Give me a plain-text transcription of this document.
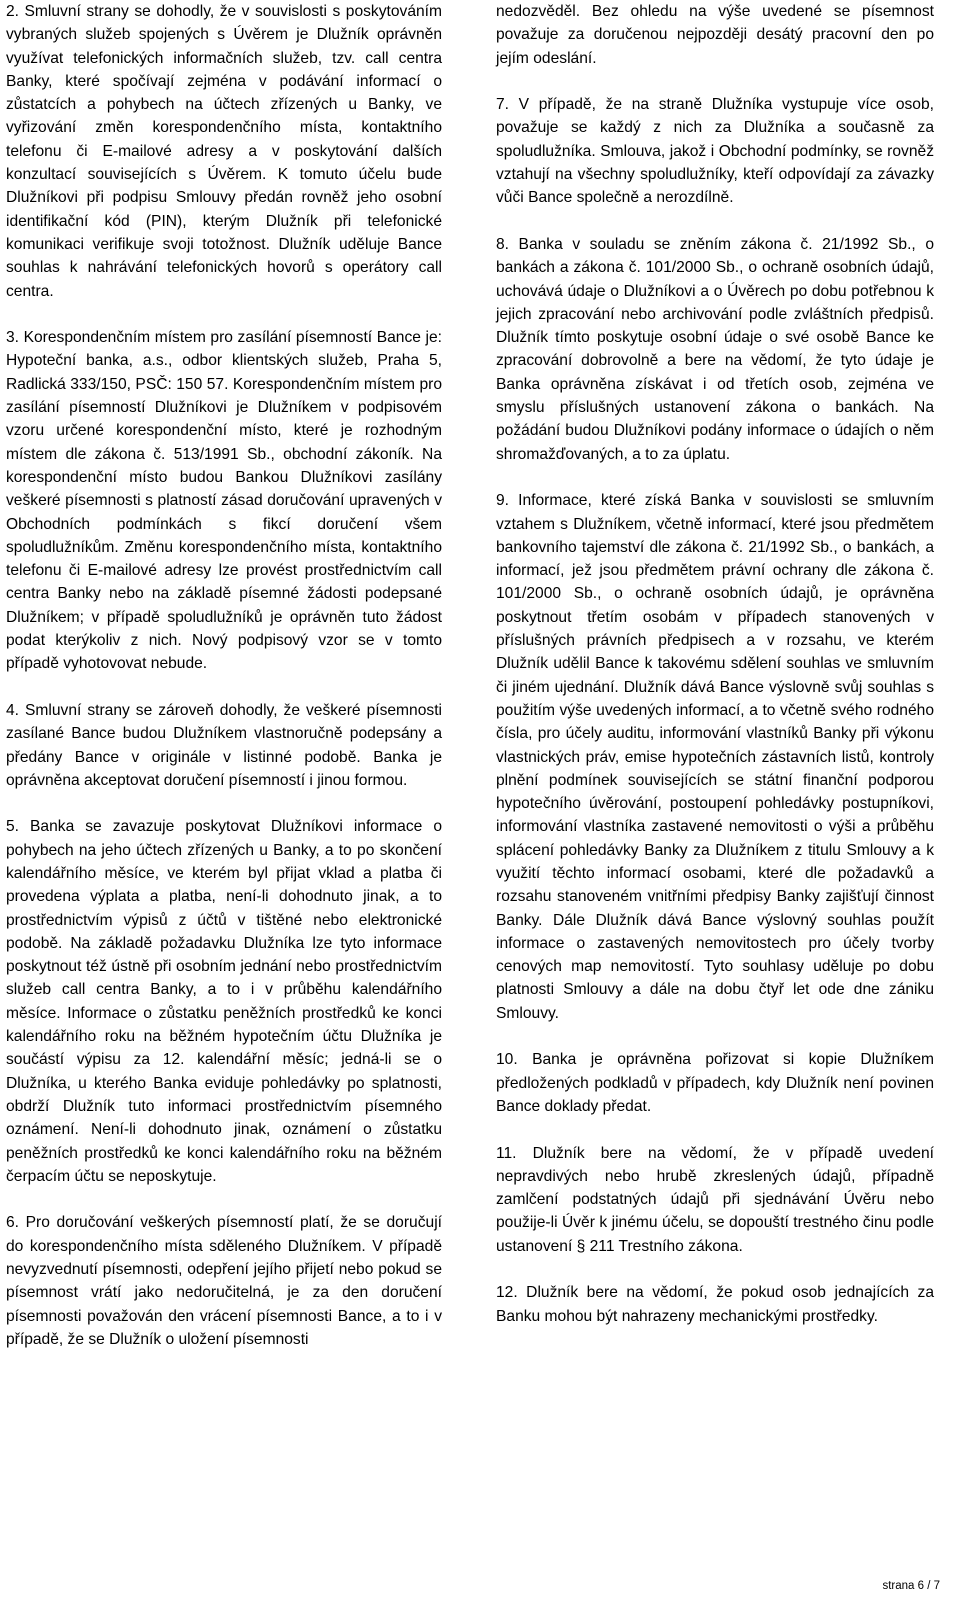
2. Smluvní strany se dohodly, že v souvislosti s poskytováním vybraných služeb spojených s Úvěrem je Dlužník oprávněn využívat telefonických informačních služeb, tzv. call centra Banky, které spočívají zejména v podávání informací o zůstatcích a pohybech na účtech zřízených u Banky, ve vyřizování změn korespondenčního místa, kontaktního telefonu či E-mailové adresy a v poskytování dalších konzultací souvisejících s Úvěrem. K tomuto účelu bude Dlužníkovi při podpisu Smlouvy předán rovněž jeho osobní identifikační kód (PIN), kterým Dlužník při telefonické komunikaci verifikuje svoji totožnost. Dlužník uděluje Bance souhlas k nahrávání telefonických hovorů s operátory call centra.

3. Korespondenčním místem pro zasílání písemností Bance je: Hypoteční banka, a.s., odbor klientských služeb, Praha 5, Radlická 333/150, PSČ: 150 57. Korespondenčním místem pro zasílání písemností Dlužníkovi je Dlužníkem v podpisovém vzoru určené korespondenční místo, které je rozhodným místem dle zákona č. 513/1991 Sb., obchodní zákoník. Na korespondenční místo budou Bankou Dlužníkovi zasílány veškeré písemnosti s platností zásad doručování upravených v Obchodních podmínkách s fikcí doručení všem spoludlužníkům. Změnu korespondenčního místa, kontaktního telefonu či E-mailové adresy lze provést prostřednictvím call centra Banky nebo na základě písemné žádosti podepsané Dlužníkem; v případě spoludlužníků je oprávněn tuto žádost podat kterýkoliv z nich. Nový podpisový vzor se v tomto případě vyhotovovat nebude.

4. Smluvní strany se zároveň dohodly, že veškeré písemnosti zasílané Bance budou Dlužníkem vlastnoručně podepsány a předány Bance v originále v listinné podobě. Banka je oprávněna akceptovat doručení písemností i jinou formou.

5. Banka se zavazuje poskytovat Dlužníkovi informace o pohybech na jeho účtech zřízených u Banky, a to po skončení kalendářního měsíce, ve kterém byl přijat vklad a platba či provedena výplata a platba, není-li dohodnuto jinak, a to prostřednictvím výpisů z účtů v tištěné nebo elektronické podobě. Na základě požadavku Dlužníka lze tyto informace poskytnout též ústně při osobním jednání nebo prostřednictvím služeb call centra Banky, a to i v průběhu kalendářního měsíce. Informace o zůstatku peněžních prostředků ke konci kalendářního roku na běžném hypotečním účtu Dlužníka je součástí výpisu za 12. kalendářní měsíc; jedná-li se o Dlužníka, u kterého Banka eviduje pohledávky po splatnosti, obdrží Dlužník tuto informaci prostřednictvím písemného oznámení. Není-li dohodnuto jinak, oznámení o zůstatku peněžních prostředků ke konci kalendářního roku na běžném čerpacím účtu se neposkytuje.

6. Pro doručování veškerých písemností platí, že se doručují do korespondenčního místa sděleného Dlužníkem. V případě nevyzvednutí písemnosti, odepření jejího přijetí nebo pokud se písemnost vrátí jako nedoručitelná, je za den doručení písemnosti považován den vrácení písemnosti Bance, a to i v případě, že se Dlužník o uložení písemnosti

nedozvěděl. Bez ohledu na výše uvedené se písemnost považuje za doručenou nejpozději desátý pracovní den po jejím odeslání.

7. V případě, že na straně Dlužníka vystupuje více osob, považuje se každý z nich za Dlužníka a současně za spoludlužníka. Smlouva, jakož i Obchodní podmínky, se rovněž vztahují na všechny spoludlužníky, kteří odpovídají za závazky vůči Bance společně a nerozdílně.

8. Banka v souladu se zněním zákona č. 21/1992 Sb., o bankách a zákona č. 101/2000 Sb., o ochraně osobních údajů, uchovává údaje o Dlužníkovi a o Úvěrech po dobu potřebnou k jejich zpracování nebo archivování podle zvláštních předpisů. Dlužník tímto poskytuje osobní údaje o své osobě Bance ke zpracování dobrovolně a bere na vědomí, že tyto údaje je Banka oprávněna získávat i od třetích osob, zejména ve smyslu příslušných ustanovení zákona o bankách. Na požádání budou Dlužníkovi podány informace o údajích o něm shromažďovaných, a to za úplatu.

9. Informace, které získá Banka v souvislosti se smluvním vztahem s Dlužníkem, včetně informací, které jsou předmětem bankovního tajemství dle zákona č. 21/1992 Sb., o bankách, a informací, jež jsou předmětem právní ochrany dle zákona č. 101/2000 Sb., o ochraně osobních údajů, je oprávněna poskytnout třetím osobám v případech stanovených v příslušných právních předpisech a v rozsahu, ve kterém Dlužník udělil Bance k takovému sdělení souhlas ve smluvním či jiném ujednání. Dlužník dává Bance výslovně svůj souhlas s použitím výše uvedených informací, a to včetně svého rodného čísla, pro účely auditu, informování vlastníků Banky při výkonu vlastnických práv, emise hypotečních zástavních listů, kontroly plnění podmínek souvisejících se státní finanční podporou hypotečního úvěrování, postoupení pohledávky postupníkovi, informování vlastníka zastavené nemovitosti o výši a průběhu splácení pohledávky Banky za Dlužníkem z titulu Smlouvy a k využití těchto informací osobami, které dle požadavků a rozsahu stanoveném vnitřními předpisy Banky zajišťují činnost Banky. Dále Dlužník dává Bance výslovný souhlas použít informace o zastavených nemovitostech pro účely tvorby cenových map nemovitostí. Tyto souhlasy uděluje po dobu platnosti Smlouvy a dále na dobu čtyř let ode dne zániku Smlouvy.

10. Banka je oprávněna pořizovat si kopie Dlužníkem předložených podkladů v případech, kdy Dlužník není povinen Bance doklady předat.

11. Dlužník bere na vědomí, že v případě uvedení nepravdivých nebo hrubě zkreslených údajů, případně zamlčení podstatných údajů při sjednávání Úvěru nebo použije-li Úvěr k jinému účelu, se dopouští trestného činu podle ustanovení § 211 Trestního zákona.

12. Dlužník bere na vědomí, že pokud osob jednajících za Banku mohou být nahrazeny mechanickými prostředky.

strana 6 / 7
